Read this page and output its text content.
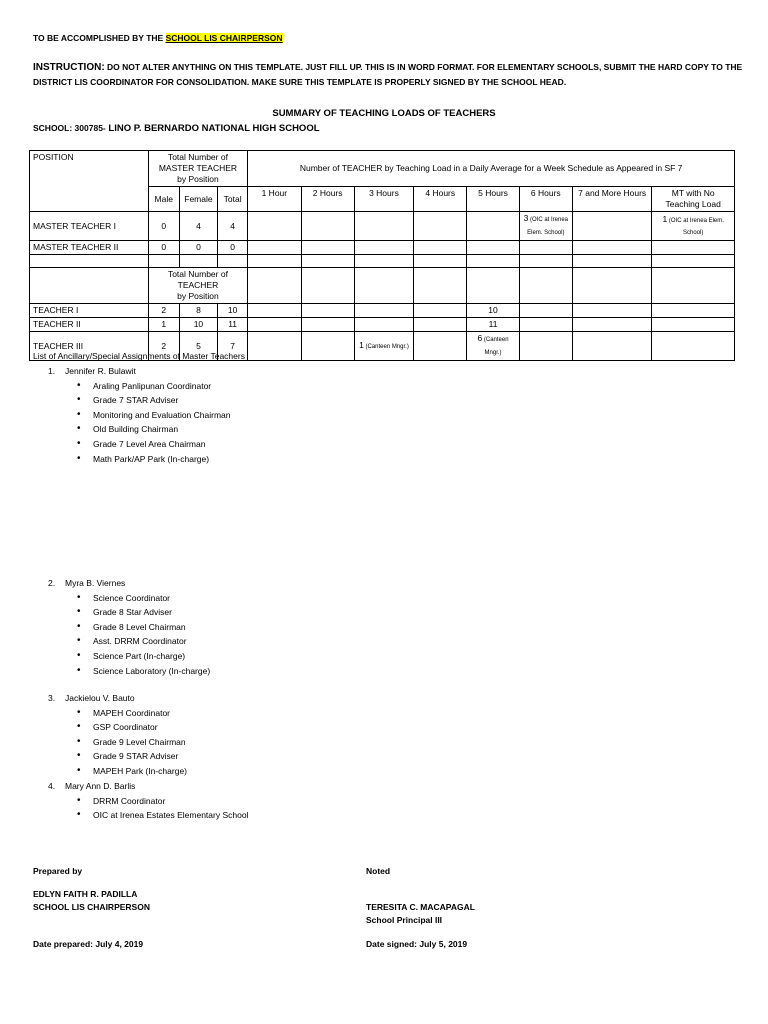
TO BE ACCOMPLISHED BY THE SCHOOL LIS CHAIRPERSON
INSTRUCTION: DO NOT ALTER ANYTHING ON THIS TEMPLATE. JUST FILL UP. THIS IS IN WORD FORMAT. FOR ELEMENTARY SCHOOLS, SUBMIT THE HARD COPY TO THE
DISTRICT LIS COORDINATOR FOR CONSOLIDATION. MAKE SURE THIS TEMPLATE IS PROPERLY SIGNED BY THE SCHOOL HEAD.
SUMMARY OF TEACHING LOADS OF TEACHERS
SCHOOL: 300785- LINO P. BERNARDO NATIONAL HIGH SCHOOL
POSITION	Total Number of
MASTER TEACHER
by Position			Number of TEACHER by Teaching Load in a Daily Average for a Week Schedule as Appeared in SF 7							
	Male	Female	Total	1 Hour	2 Hours	3 Hours	4 Hours	5 Hours	6 Hours	7 and More Hours	MT with No Teaching Load
MASTER TEACHER I	0	4	4						3 (OIC at Irenea Elem. School)		1 (OIC at Irenea Elem. School)
MASTER TEACHER II	0	0	0								

	Total Number of
TEACHER
by Position										
TEACHER I	2	8	10					10			
TEACHER II	1	10	11					11			
TEACHER III	2	5	7			1 (Canteen Mngr.)		6 (Canteen Mngr.)			
List of Ancillary/Special Assignments of Master Teachers
1. Jennifer R. Bulawit
• Araling Panlipunan Coordinator
• Grade 7 STAR Adviser
• Monitoring and Evaluation Chairman
• Old Building Chairman
• Grade 7 Level Area Chairman
• Math Park/AP Park (In-charge)
2. Myra B. Viernes
• Science Coordinator
• Grade 8 Star Adviser
• Grade 8 Level Chairman
• Asst. DRRM Coordinator
• Science Part (In-charge)
• Science Laboratory (In-charge)
3. Jackielou V. Bauto
• MAPEH Coordinator
• GSP Coordinator
• Grade 9 Level Chairman
• Grade 9 STAR Adviser
• MAPEH Park (In-charge)
4. Mary Ann D. Barlis
• DRRM Coordinator
• OIC at Irenea Estates Elementary School
Prepared by
EDLYN FAITH R. PADILLA
SCHOOL LIS CHAIRPERSON
Date prepared: July 4, 2019
Noted
TERESITA C. MACAPAGAL
School Principal III
Date signed: July 5, 2019
